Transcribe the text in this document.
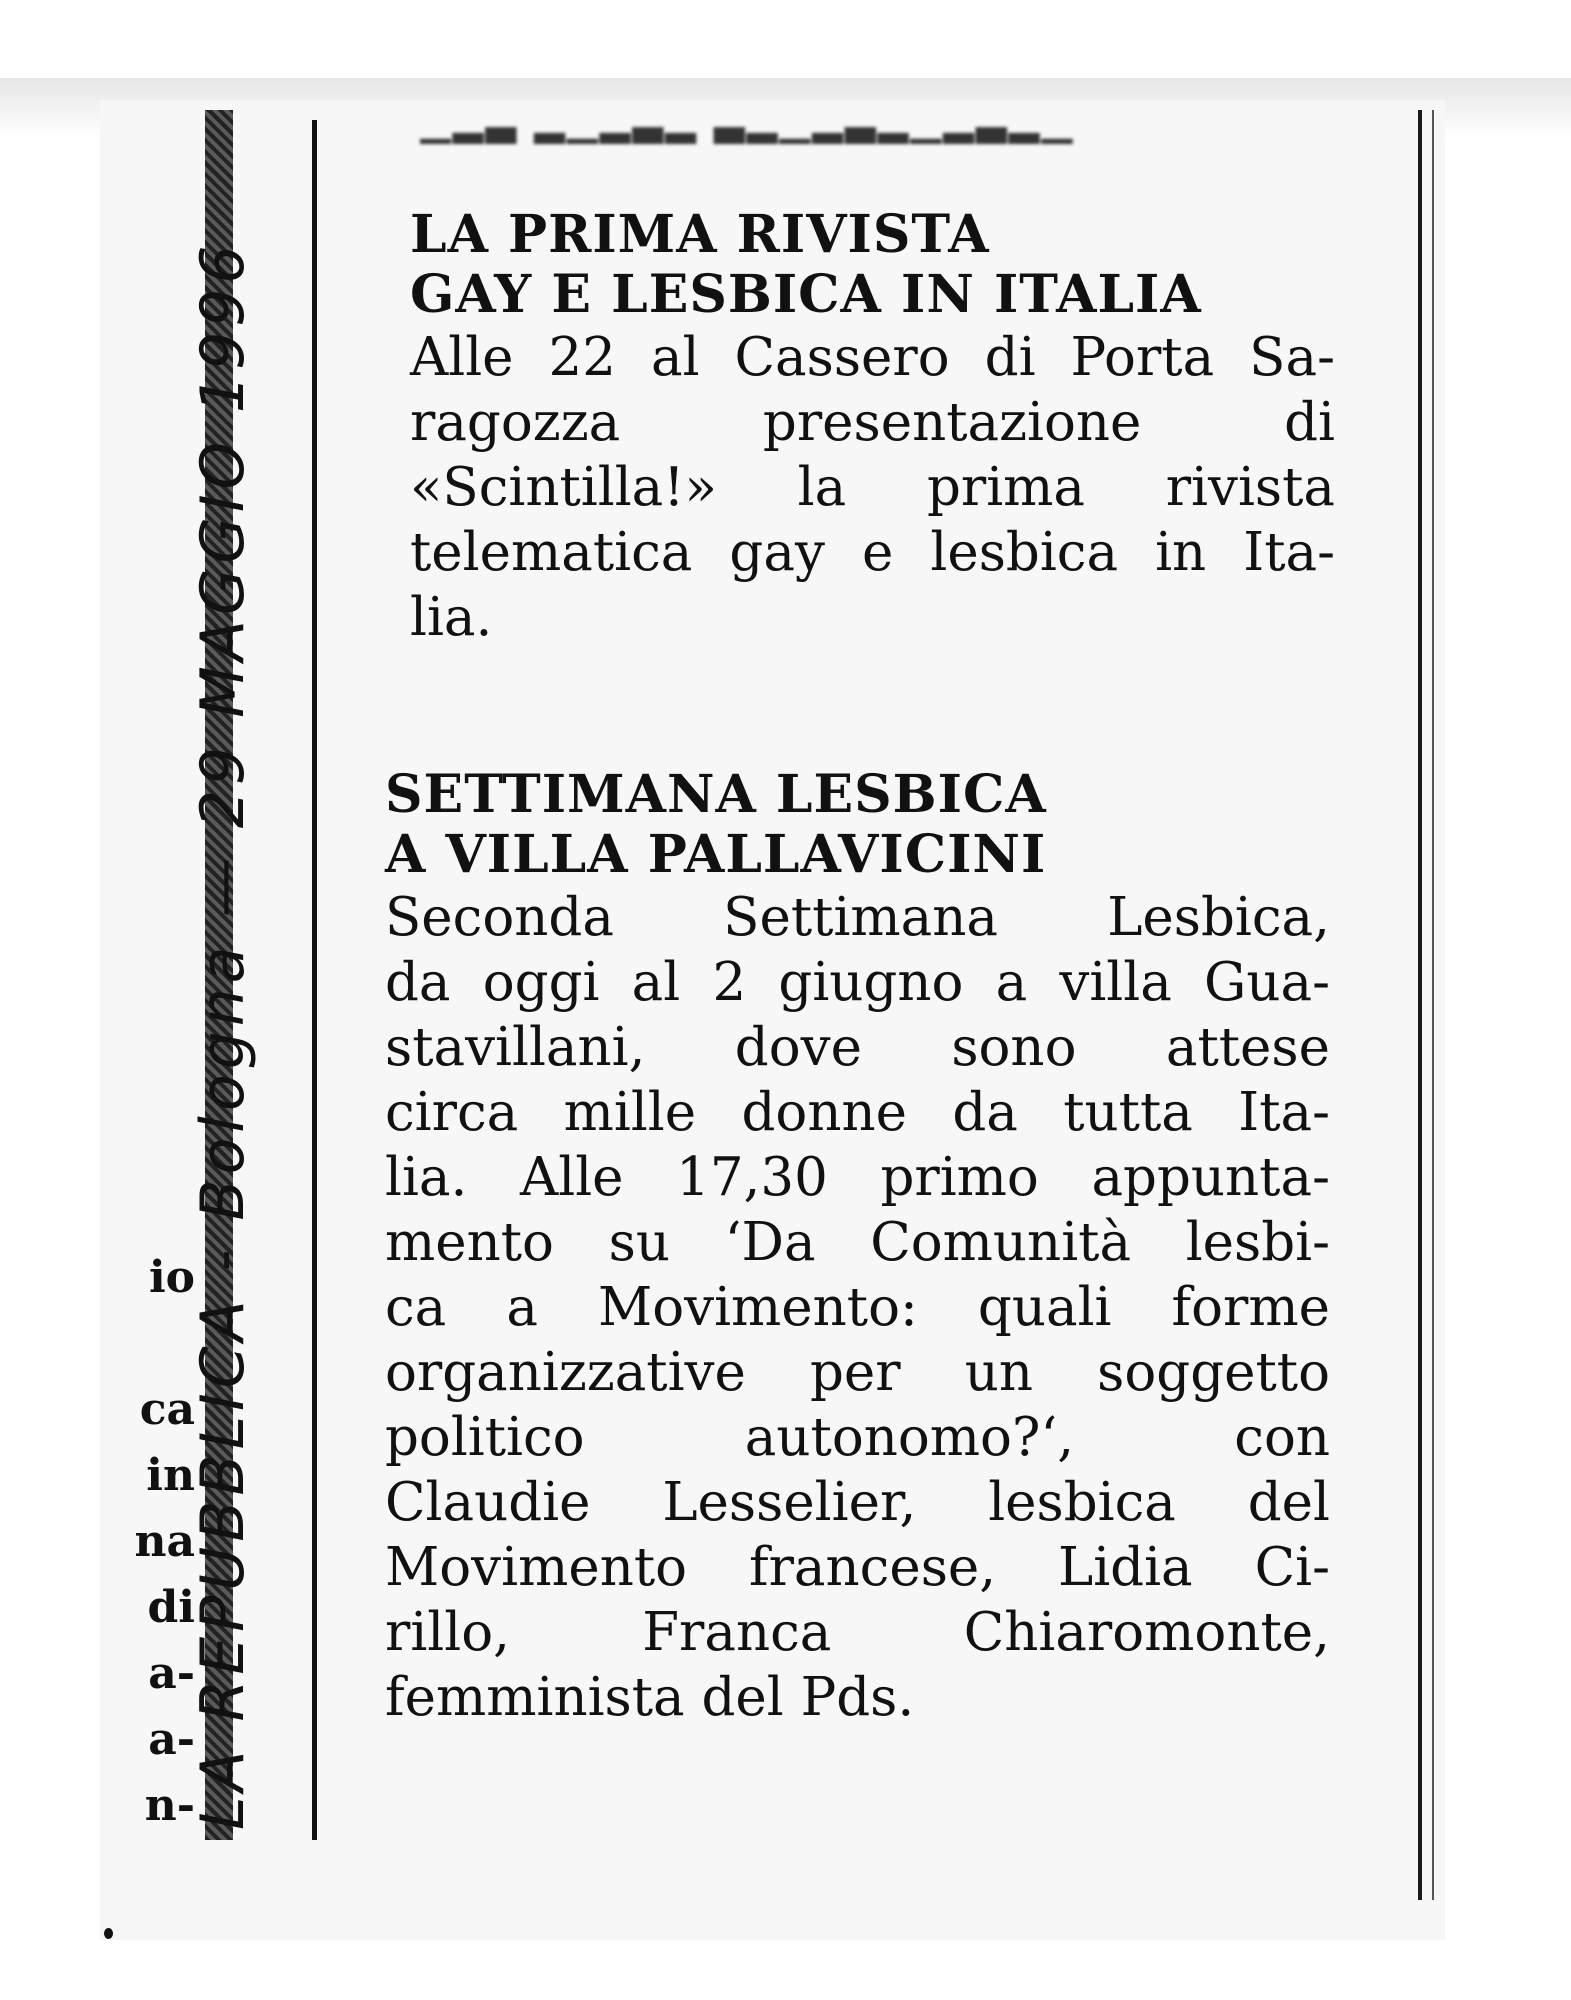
▁▂▃ ▂▁▂▃▂ ▃▂▁▂▃▂▁▂▃▂▁

LA PRIMA RIVISTA
GAY E LESBICA IN ITALIA

Alle 22 al Cassero di Porta Sa-
ragozza presentazione di
«Scintilla!» la prima rivista
telematica gay e lesbica in Ita-
lia.

SETTIMANA LESBICA
A VILLA PALLAVICINI

Seconda Settimana Lesbica,
da oggi al 2 giugno a villa Gua-
stavillani, dove sono attese
circa mille donne da tutta Ita-
lia. Alle 17,30 primo appunta-
mento su ‘Da Comunità lesbi-
ca a Movimento: quali forme
organizzative per un soggetto
politico autonomo?‘, con
Claudie Lesselier, lesbica del
Movimento francese, Lidia Ci-
rillo, Franca Chiaromonte,
femminista del Pds.

io
ca
in
na
di
a-
a-
n-
LA REPUBBLICA - Bologna — 29 MAGGIO 1996
